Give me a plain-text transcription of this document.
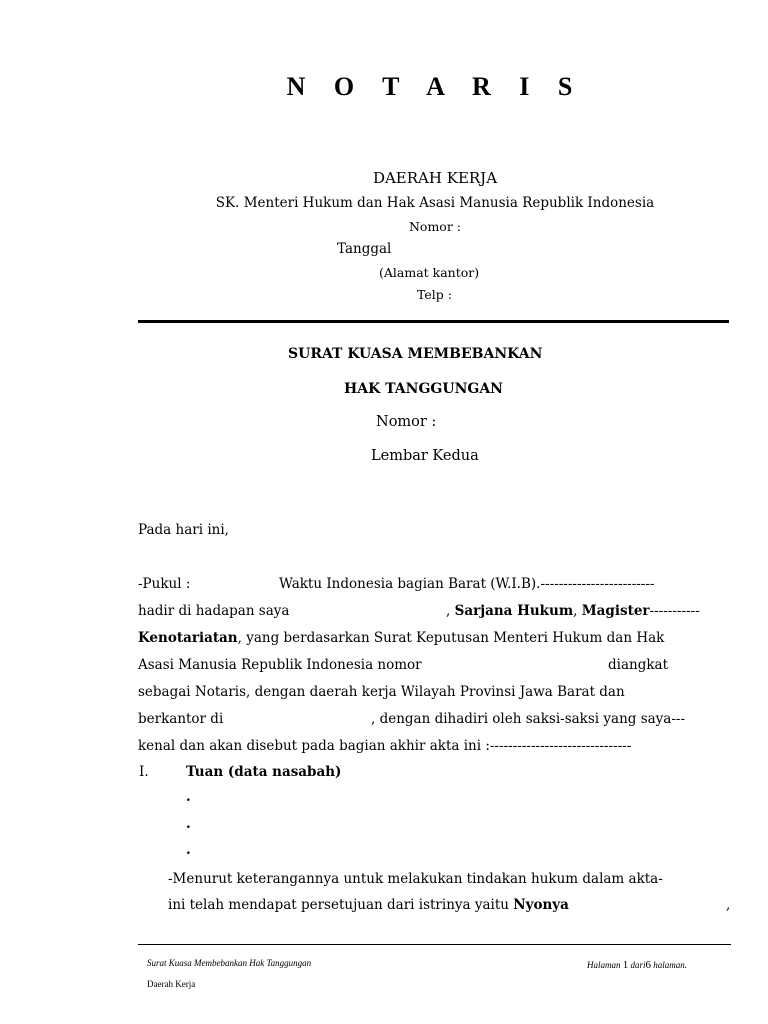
N O T A R I S
DAERAH KERJA
SK. Menteri Hukum dan Hak Asasi Manusia Republik Indonesia
Nomor :
Tanggal
(Alamat kantor)
Telp :
SURAT KUASA MEMBEBANKAN
HAK TANGGUNGAN
Nomor :
Lembar Kedua
Pada hari ini,
-Pukul :	Waktu Indonesia bagian Barat (W.I.B).-------------------------
hadir di hadapan saya	, Sarjana Hukum, Magister-----------
Kenotariatan, yang berdasarkan Surat Keputusan Menteri Hukum dan Hak
Asasi Manusia Republik Indonesia nomor	diangkat
sebagai Notaris, dengan daerah kerja Wilayah Provinsi Jawa Barat dan
berkantor di	, dengan dihadiri oleh saksi-saksi yang saya---
kenal dan akan disebut pada bagian akhir akta ini :-------------------------------
I.	Tuan (data nasabah)
.
.
.
-Menurut keterangannya untuk melakukan tindakan hukum dalam akta-
ini telah mendapat persetujuan dari istrinya yaitu Nyonya	,
Surat Kuasa Membebankan Hak Tanggungan	Halaman 1 dari6 halaman.
Daerah Kerja
